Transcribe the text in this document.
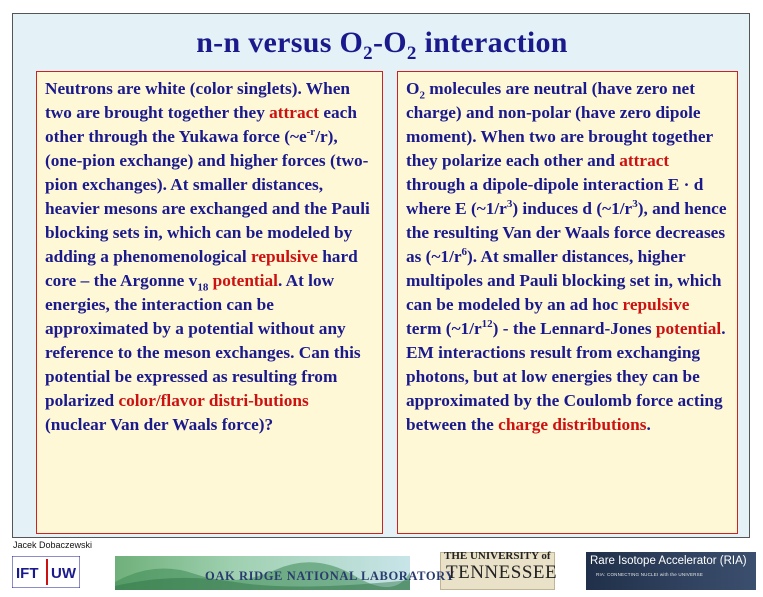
n-n versus $O_2-O_2$ interaction
Neutrons are white (color singlets). When two are brought together they attract each other through the Yukawa force $(\sim e^{-r}/r)$, (one-pion exchange) and higher forces (two-pion exchanges). At smaller distances, heavier mesons are exchanged and the Pauli blocking sets in, which can be modeled by adding a phenomenological repulsive hard core – the Argonne $v_{18}$ potential. At low energies, the interaction can be approximated by a potential without any reference to the meson exchanges. Can this potential be expressed as resulting from polarized color/flavor distri-butions (nuclear Van der Waals force)?
$O_2$ molecules are neutral (have zero net charge) and non-polar (have zero dipole moment). When two are brought together they polarize each other and attract through a dipole-dipole interaction E · d where E $(\sim 1/r^3)$ induces d $(\sim 1/r^3)$, and hence the resulting Van der Waals force decreases as $(\sim 1/r^6)$. At smaller distances, higher multipoles and Pauli blocking set in, which can be modeled by an ad hoc repulsive term $(\sim 1/r^{12})$ - the Lennard-Jones potential. EM interactions result from exchanging photons, but at low energies they can be approximated by the Coulomb force acting between the charge distributions.
Jacek Dobaczewski
IFT UW	OAK RIDGE NATIONAL LABORATORY
THE UNIVERSITY of
TENNESSEE
Rare Isotope Accelerator (RIA)
RIA: CONNECTING NUCLEI with the UNIVERSE
